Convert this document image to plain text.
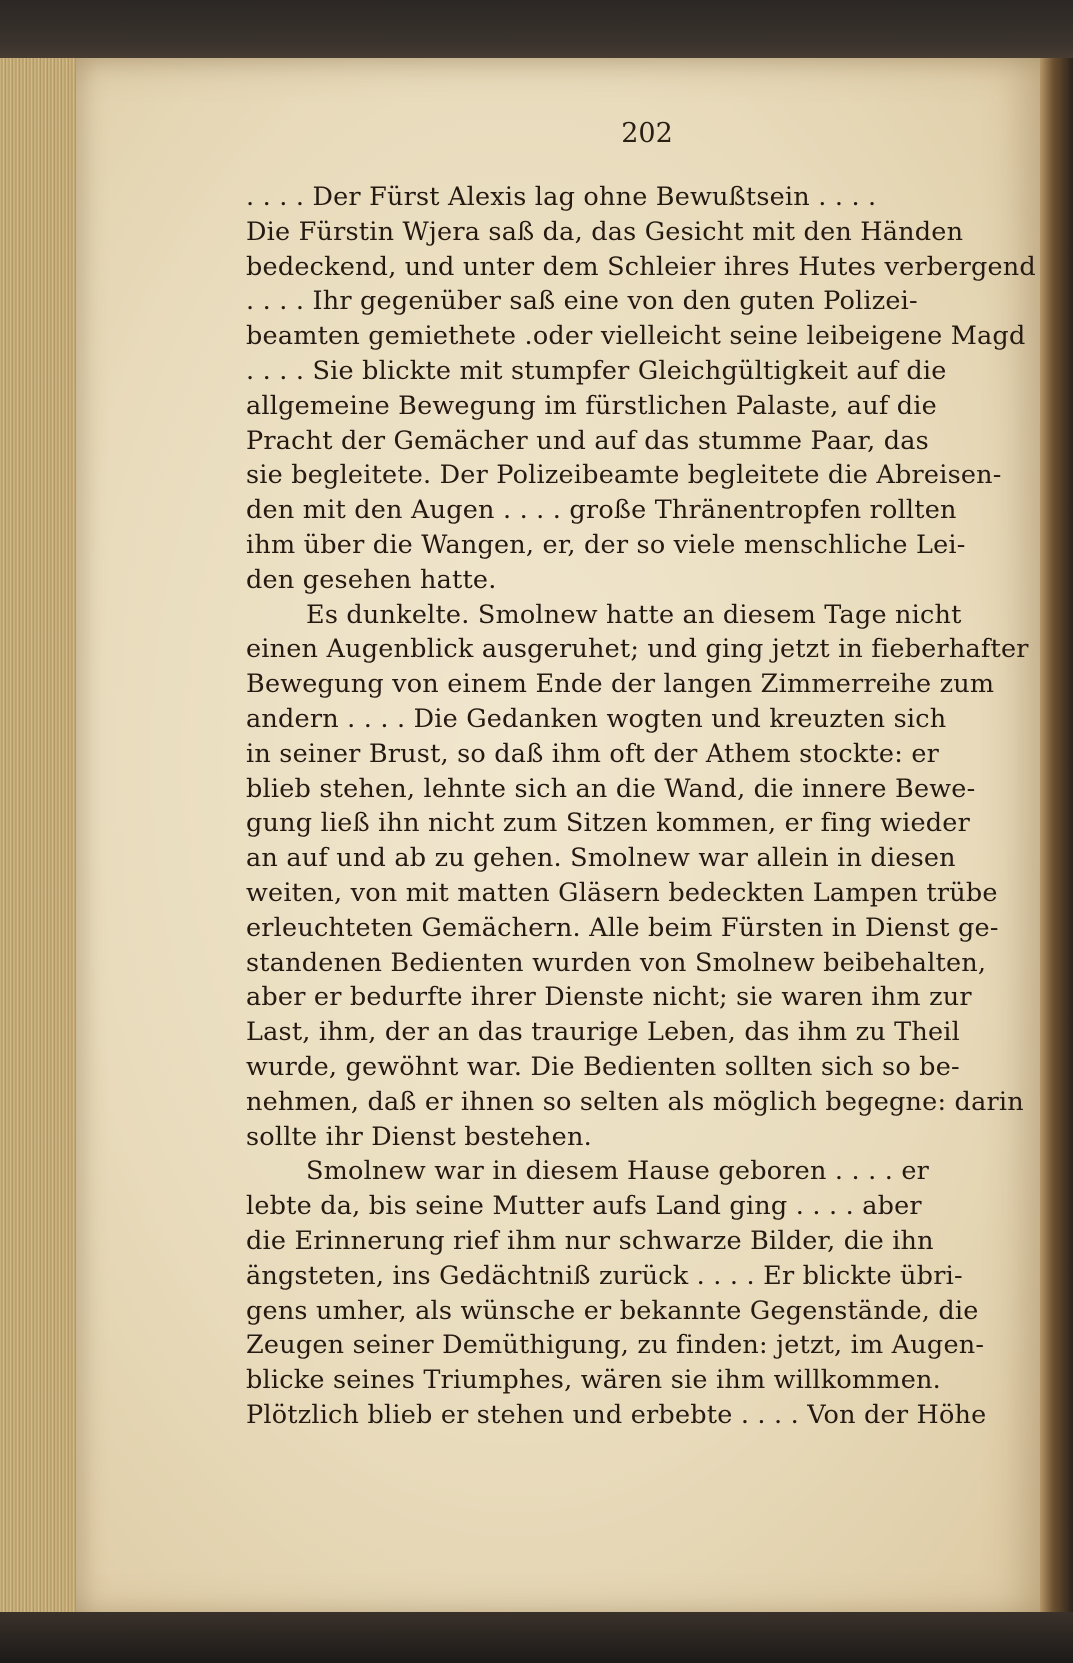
202
. . . . Der Fürst Alexis lag ohne Bewußtsein . . . .
Die Fürstin Wjera saß da, das Gesicht mit den Händen
bedeckend, und unter dem Schleier ihres Hutes verbergend
. . . . Ihr gegenüber saß eine von den guten Polizei-
beamten gemiethete .oder vielleicht seine leibeigene Magd
. . . . Sie blickte mit stumpfer Gleichgültigkeit auf die
allgemeine Bewegung im fürstlichen Palaste, auf die
Pracht der Gemächer und auf das stumme Paar, das
sie begleitete. Der Polizeibeamte begleitete die Abreisen-
den mit den Augen . . . . große Thränentropfen rollten
ihm über die Wangen, er, der so viele menschliche Lei-
den gesehen hatte.
Es dunkelte. Smolnew hatte an diesem Tage nicht
einen Augenblick ausgeruhet; und ging jetzt in fieberhafter
Bewegung von einem Ende der langen Zimmerreihe zum
andern . . . . Die Gedanken wogten und kreuzten sich
in seiner Brust, so daß ihm oft der Athem stockte: er
blieb stehen, lehnte sich an die Wand, die innere Bewe-
gung ließ ihn nicht zum Sitzen kommen, er fing wieder
an auf und ab zu gehen. Smolnew war allein in diesen
weiten, von mit matten Gläsern bedeckten Lampen trübe
erleuchteten Gemächern. Alle beim Fürsten in Dienst ge-
standenen Bedienten wurden von Smolnew beibehalten,
aber er bedurfte ihrer Dienste nicht; sie waren ihm zur
Last, ihm, der an das traurige Leben, das ihm zu Theil
wurde, gewöhnt war. Die Bedienten sollten sich so be-
nehmen, daß er ihnen so selten als möglich begegne: darin
sollte ihr Dienst bestehen.
Smolnew war in diesem Hause geboren . . . . er
lebte da, bis seine Mutter aufs Land ging . . . . aber
die Erinnerung rief ihm nur schwarze Bilder, die ihn
ängsteten, ins Gedächtniß zurück . . . . Er blickte übri-
gens umher, als wünsche er bekannte Gegenstände, die
Zeugen seiner Demüthigung, zu finden: jetzt, im Augen-
blicke seines Triumphes, wären sie ihm willkommen.
Plötzlich blieb er stehen und erbebte . . . . Von der Höhe
